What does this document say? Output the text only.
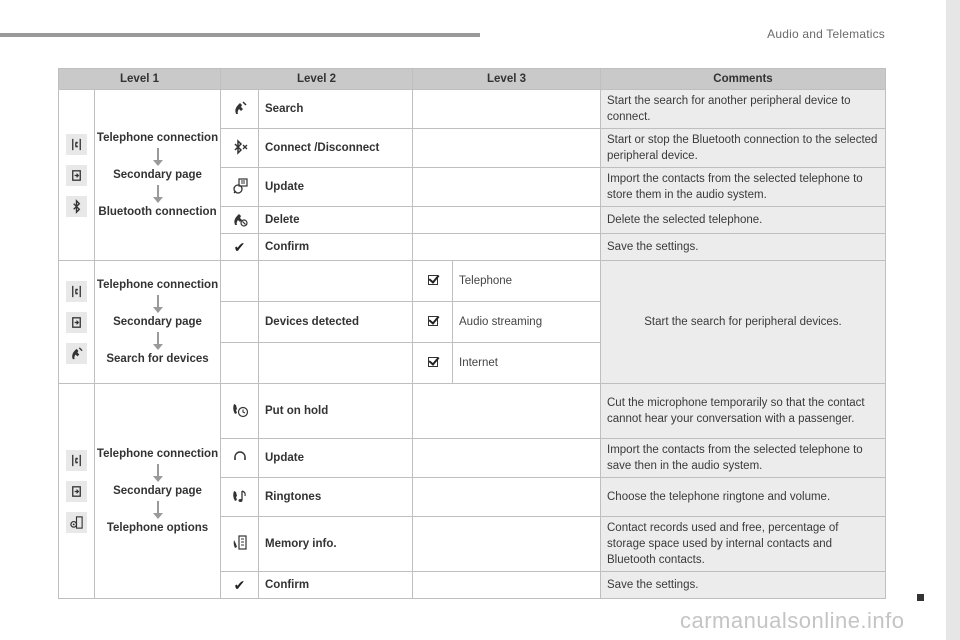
Audio and Telematics
Level 1		Level 2		Level 3		Comments

Telephone connection
Secondary page
Bluetooth connection		Search			Start the search for another peripheral device to connect.
	Connect /Disconnect			Start or stop the Bluetooth connection to the selected peripheral device.
	Update			Import the contacts from the selected telephone to store them in the audio system.
	Delete			Delete the selected telephone.
		✔	Confirm			Save the settings.

Telephone connection
Secondary page
Search for devices				Telephone	Start the search for peripheral devices.
			Devices detected		Audio streaming	
					Internet	

Telephone connection
Secondary page
Telephone options		Put on hold			Cut the microphone temporarily so that the contact cannot hear your conversation with a passenger.
	Update			Import the contacts from the selected telephone to save then in the audio system.
	Ringtones			Choose the telephone ringtone and volume.
	Memory info.			Contact records used and free, percentage of storage space used by internal contacts and Bluetooth contacts.
		✔	Confirm			Save the settings.
carmanualsonline.info
